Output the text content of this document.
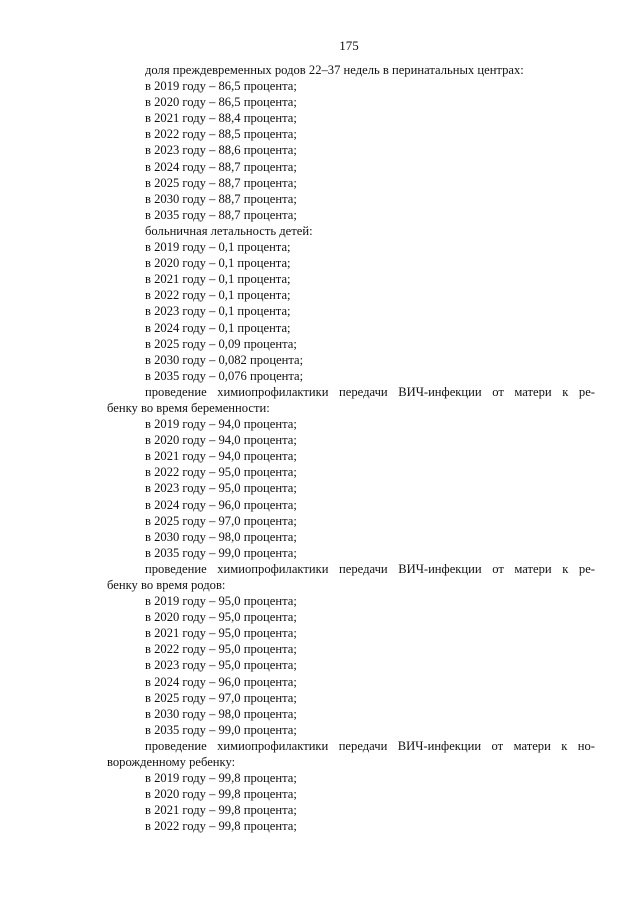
175
доля преждевременных родов 22–37 недель в перинатальных центрах:
в 2019 году – 86,5 процента;
в 2020 году – 86,5 процента;
в 2021 году – 88,4 процента;
в 2022 году – 88,5 процента;
в 2023 году – 88,6 процента;
в 2024 году – 88,7 процента;
в 2025 году – 88,7 процента;
в 2030 году – 88,7 процента;
в 2035 году – 88,7 процента;
больничная летальность детей:
в 2019 году – 0,1 процента;
в 2020 году – 0,1 процента;
в 2021 году – 0,1 процента;
в 2022 году – 0,1 процента;
в 2023 году – 0,1 процента;
в 2024 году – 0,1 процента;
в 2025 году – 0,09 процента;
в 2030 году – 0,082 процента;
в 2035 году – 0,076 процента;
проведение химиопрофилактики передачи ВИЧ-инфекции от матери к ре-
бенку во время беременности:
в 2019 году – 94,0 процента;
в 2020 году – 94,0 процента;
в 2021 году – 94,0 процента;
в 2022 году – 95,0 процента;
в 2023 году – 95,0 процента;
в 2024 году – 96,0 процента;
в 2025 году – 97,0 процента;
в 2030 году – 98,0 процента;
в 2035 году – 99,0 процента;
проведение химиопрофилактики передачи ВИЧ-инфекции от матери к ре-
бенку во время родов:
в 2019 году – 95,0 процента;
в 2020 году – 95,0 процента;
в 2021 году – 95,0 процента;
в 2022 году – 95,0 процента;
в 2023 году – 95,0 процента;
в 2024 году – 96,0 процента;
в 2025 году – 97,0 процента;
в 2030 году – 98,0 процента;
в 2035 году – 99,0 процента;
проведение химиопрофилактики передачи ВИЧ-инфекции от матери к но-
ворожденному ребенку:
в 2019 году – 99,8 процента;
в 2020 году – 99,8 процента;
в 2021 году – 99,8 процента;
в 2022 году – 99,8 процента;
